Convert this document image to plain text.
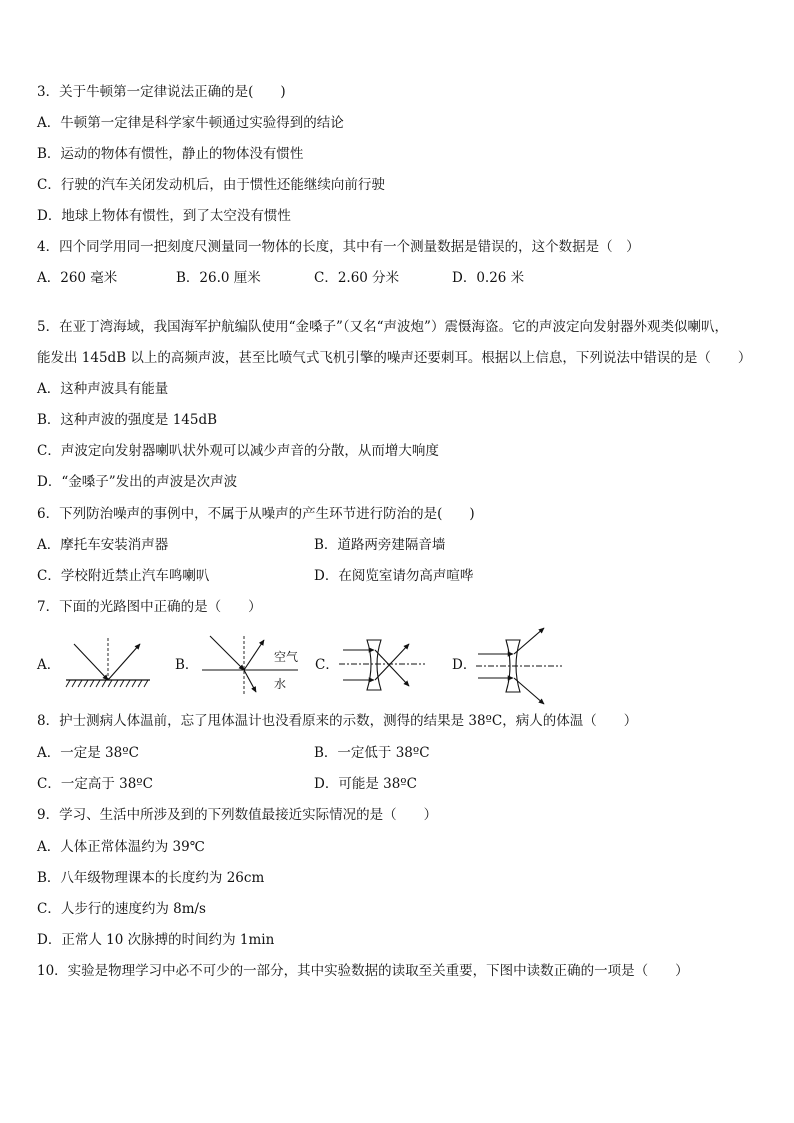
3．关于牛顿第一定律说法正确的是(　　)
A．牛顿第一定律是科学家牛顿通过实验得到的结论
B．运动的物体有惯性，静止的物体没有惯性
C．行驶的汽车关闭发动机后，由于惯性还能继续向前行驶
D．地球上物体有惯性，到了太空没有惯性
4．四个同学用同一把刻度尺测量同一物体的长度，其中有一个测量数据是错误的，这个数据是（　）
A．260 毫米	B．26.0 厘米	C．2.60 分米	D．0.26 米
5．在亚丁湾海域，我国海军护航编队使用“金嗓子”（又名“声波炮”）震慑海盗。它的声波定向发射器外观类似喇叭，
能发出 145dB 以上的高频声波，甚至比喷气式飞机引擎的噪声还要刺耳。根据以上信息，下列说法中错误的是（　　）
A．这种声波具有能量
B．这种声波的强度是 145dB
C．声波定向发射器喇叭状外观可以减少声音的分散，从而增大响度
D．“金嗓子”发出的声波是次声波
6．下列防治噪声的事例中，不属于从噪声的产生环节进行防治的是(　　)
A．摩托车安装消声器	B．道路两旁建隔音墙
C．学校附近禁止汽车鸣喇叭	D．在阅览室请勿高声喧哗
7．下面的光路图中正确的是（　　）
A．	B．	空气
水
C．	D．
8．护士测病人体温前，忘了甩体温计也没看原来的示数，测得的结果是 38ºC，病人的体温（　　）
A．一定是 38ºC	B．一定低于 38ºC
C．一定高于 38ºC	D．可能是 38ºC
9．学习、生活中所涉及到的下列数值最接近实际情况的是（　　）
A．人体正常体温约为 39℃
B．八年级物理课本的长度约为 26cm
C．人步行的速度约为 8m/s
D．正常人 10 次脉搏的时间约为 1min
10．实验是物理学习中必不可少的一部分，其中实验数据的读取至关重要，下图中读数正确的一项是（　　）
